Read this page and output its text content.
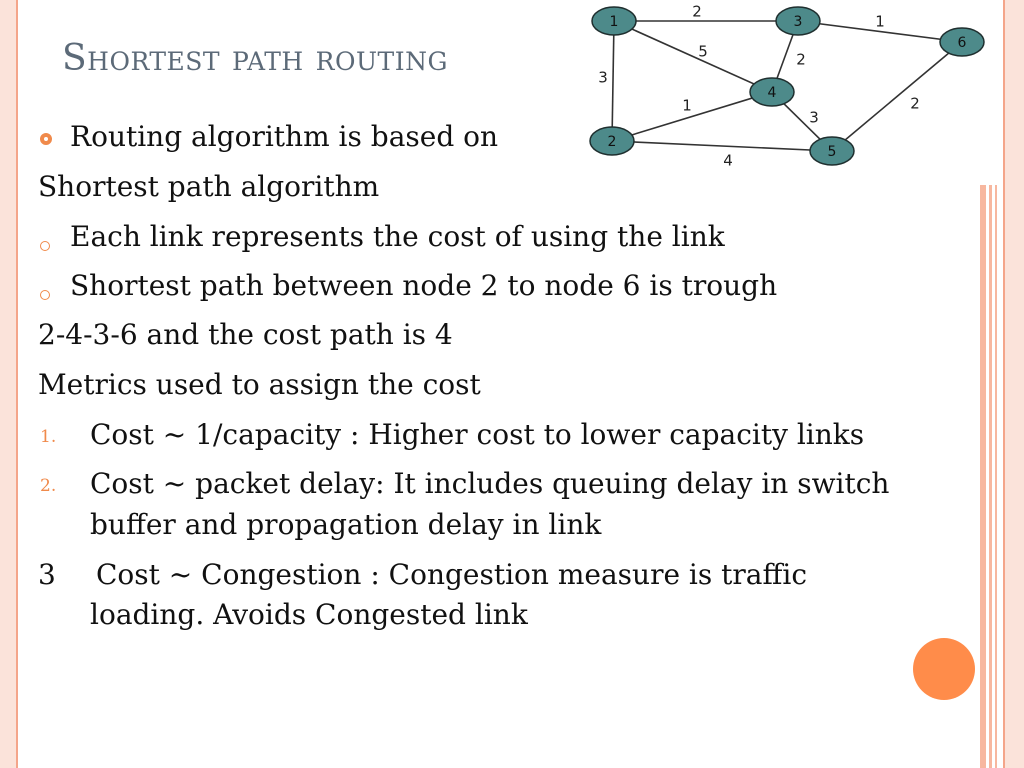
Shortest path routing
2
1
5	2
3
1
3
2
4
1
2
3
4
5
6
Routing algorithm is based on
Shortest path algorithm
Each link represents the cost of using the link
Shortest path between node 2 to node 6 is trough
2-4-3-6 and the cost path is 4
Metrics used to assign the cost
1. Cost ~ 1/capacity : Higher cost to lower capacity links
2. Cost ~ packet delay: It includes queuing delay in switch
buffer and propagation delay in link
3 Cost ~ Congestion : Congestion measure is traffic
loading. Avoids Congested link
